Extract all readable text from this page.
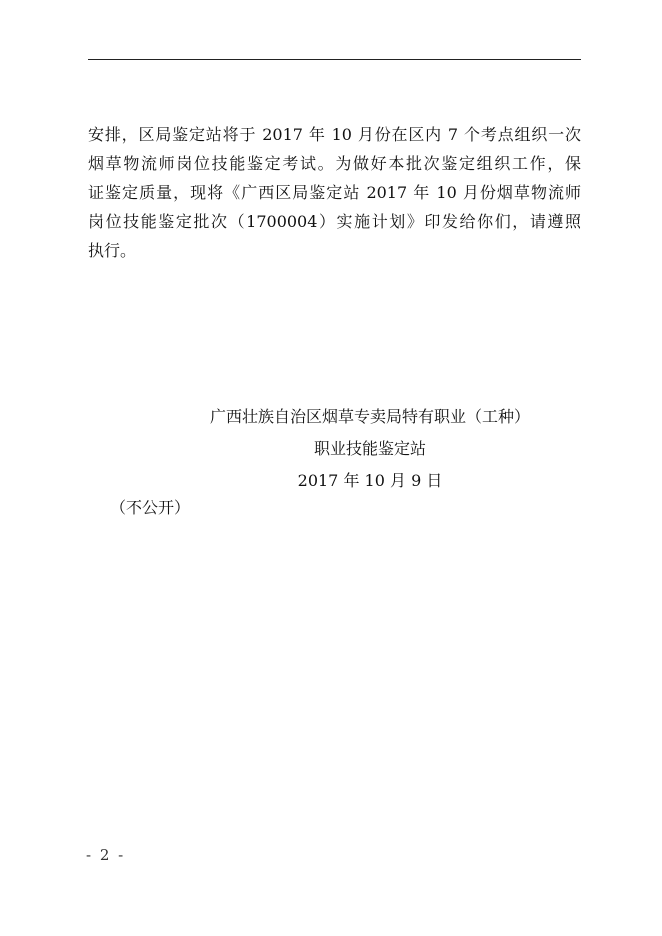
安排，区局鉴定站将于 2017 年 10 月份在区内 7 个考点组织一次
烟草物流师岗位技能鉴定考试。为做好本批次鉴定组织工作，保
证鉴定质量，现将《广西区局鉴定站 2017 年 10 月份烟草物流师
岗位技能鉴定批次（1700004）实施计划》印发给你们，请遵照
执行。
广西壮族自治区烟草专卖局特有职业（工种）
职业技能鉴定站
2017 年 10 月 9 日
（不公开）
- 2 -
